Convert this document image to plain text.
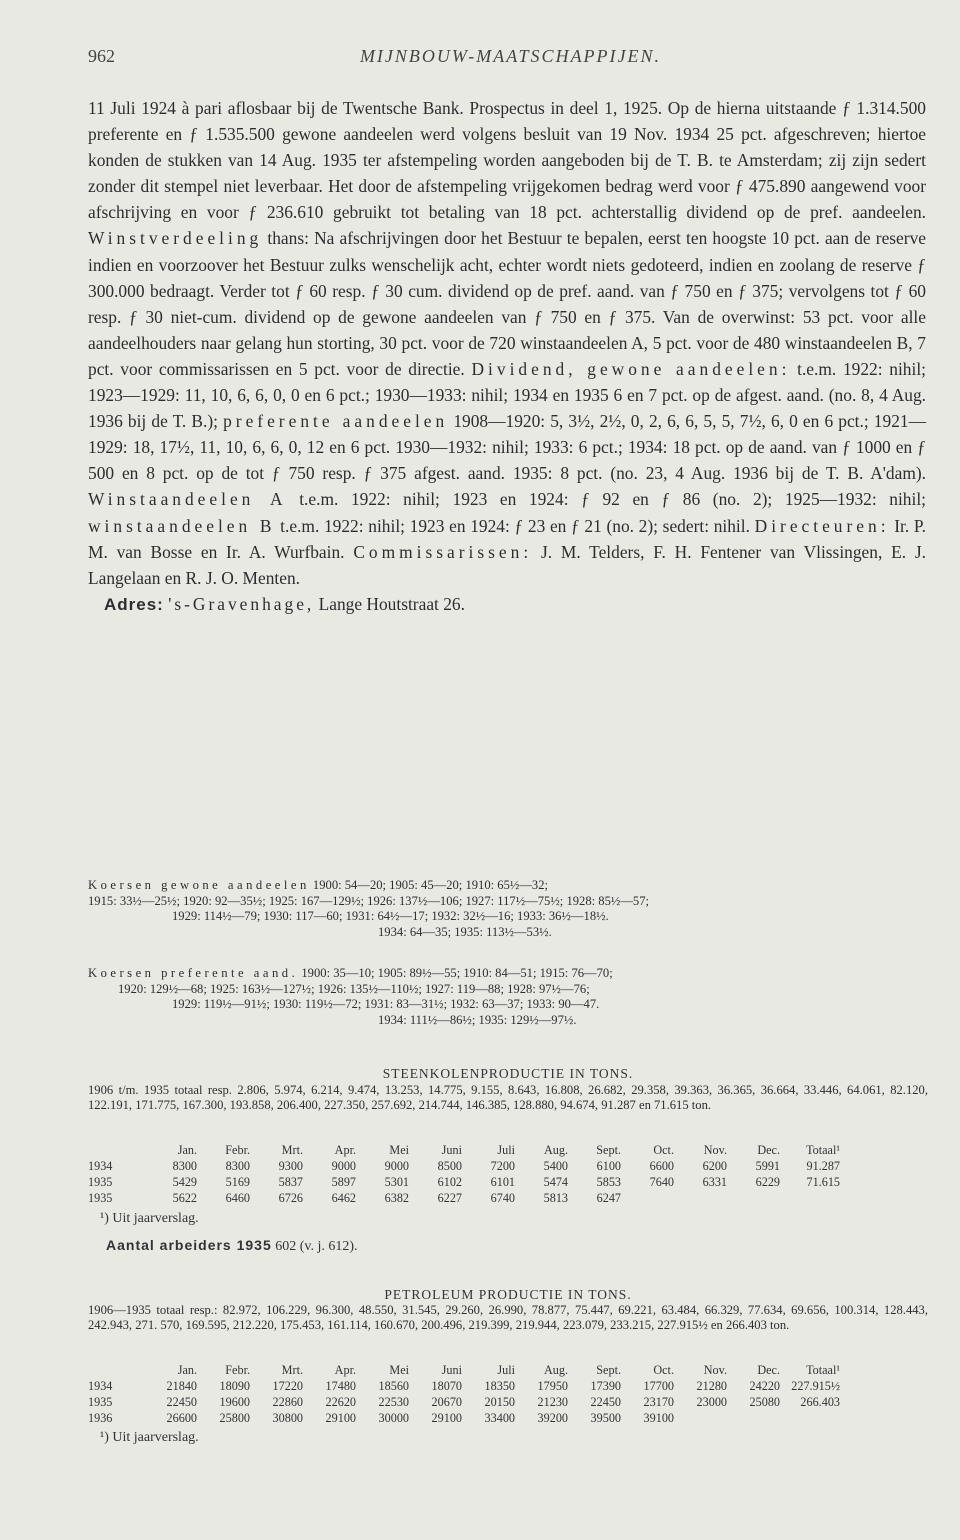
962	MIJNBOUW-MAATSCHAPPIJEN.

11 Juli 1924 à pari aflosbaar bij de Twentsche Bank. Prospectus in deel 1, 1925. Op de hierna uitstaande ƒ 1.314.500 preferente en ƒ 1.535.500 gewone aandeelen werd volgens besluit van 19 Nov. 1934 25 pct. afgeschreven; hiertoe konden de stukken van 14 Aug. 1935 ter afstempeling worden aangeboden bij de T. B. te Amsterdam; zij zijn sedert zonder dit stempel niet leverbaar. Het door de afstempeling vrijgekomen bedrag werd voor ƒ 475.890 aangewend voor afschrijving en voor ƒ 236.610 gebruikt tot betaling van 18 pct. achterstallig dividend op de pref. aandeelen. Winstverdeeling thans: Na afschrijvingen door het Bestuur te bepalen, eerst ten hoogste 10 pct. aan de reserve indien en voorzoover het Bestuur zulks wenschelijk acht, echter wordt niets gedoteerd, indien en zoolang de reserve ƒ 300.000 bedraagt. Verder tot ƒ 60 resp. ƒ 30 cum. dividend op de pref. aand. van ƒ 750 en ƒ 375; vervolgens tot ƒ 60 resp. ƒ 30 niet-cum. dividend op de gewone aandeelen van ƒ 750 en ƒ 375. Van de overwinst: 53 pct. voor alle aandeelhouders naar gelang hun storting, 30 pct. voor de 720 winstaandeelen A, 5 pct. voor de 480 winstaandeelen B, 7 pct. voor commissarissen en 5 pct. voor de directie. Dividend, gewone aandeelen: t.e.m. 1922: nihil; 1923—1929: 11, 10, 6, 6, 0, 0 en 6 pct.; 1930—1933: nihil; 1934 en 1935 6 en 7 pct. op de afgest. aand. (no. 8, 4 Aug. 1936 bij de T. B.); preferente aandeelen 1908—1920: 5, 3½, 2½, 0, 2, 6, 6, 5, 5, 7½, 6, 0 en 6 pct.; 1921—1929: 18, 17½, 11, 10, 6, 6, 0, 12 en 6 pct. 1930—1932: nihil; 1933: 6 pct.; 1934: 18 pct. op de aand. van ƒ 1000 en ƒ 500 en 8 pct. op de tot ƒ 750 resp. ƒ 375 afgest. aand. 1935: 8 pct. (no. 23, 4 Aug. 1936 bij de T. B. A'dam). Winstaandeelen A t.e.m. 1922: nihil; 1923 en 1924: ƒ 92 en ƒ 86 (no. 2); 1925—1932: nihil; winstaandeelen B t.e.m. 1922: nihil; 1923 en 1924: ƒ 23 en ƒ 21 (no. 2); sedert: nihil. Directeuren: Ir. P. M. van Bosse en Ir. A. Wurfbain. Commissarissen: J. M. Telders, F. H. Fentener van Vlissingen, E. J. Langelaan en R. J. O. Menten.

Adres: 's-Gravenhage, Lange Houtstraat 26.

Koersen gewone aandeelen 1900: 54—20; 1905: 45—20; 1910: 65½—32;

1915: 33½—25½; 1920: 92—35½; 1925: 167—129½; 1926: 137½—106; 1927: 117½—75½; 1928: 85½—57;

1929: 114½—79; 1930: 117—60; 1931: 64½—17; 1932: 32½—16; 1933: 36½—18½.

1934: 64—35; 1935: 113½—53½.

Koersen preferente aand. 1900: 35—10; 1905: 89½—55; 1910: 84—51; 1915: 76—70;

1920: 129½—68; 1925: 163½—127½; 1926: 135½—110½; 1927: 119—88; 1928: 97½—76;

1929: 119½—91½; 1930: 119½—72; 1931: 83—31½; 1932: 63—37; 1933: 90—47.

1934: 111½—86½; 1935: 129½—97½.

STEENKOLENPRODUCTIE IN TONS.

1906 t/m. 1935 totaal resp. 2.806, 5.974, 6.214, 9.474, 13.253, 14.775, 9.155, 8.643, 16.808, 26.682, 29.358, 39.363, 36.365, 36.664, 33.446, 64.061, 82.120, 122.191, 171.775, 167.300, 193.858, 206.400, 227.350, 257.692, 214.744, 146.385, 128.880, 94.674, 91.287 en 71.615 ton.

	Jan.	Febr.	Mrt.	Apr.	Mei	Juni	Juli	Aug.	Sept.	Oct.	Nov.	Dec.	Totaal¹
1934	8300	8300	9300	9000	9000	8500	7200	5400	6100	6600	6200	5991	91.287
1935	5429	5169	5837	5897	5301	6102	6101	5474	5853	7640	6331	6229	71.615
1935	5622	6460	6726	6462	6382	6227	6740	5813	6247				
¹) Uit jaarverslag.
Aantal arbeiders 1935 602 (v. j. 612).
PETROLEUM PRODUCTIE IN TONS.

1906—1935 totaal resp.: 82.972, 106.229, 96.300, 48.550, 31.545, 29.260, 26.990, 78.877, 75.447, 69.221, 63.484, 66.329, 77.634, 69.656, 100.314, 128.443, 242.943, 271. 570, 169.595, 212.220, 175.453, 161.114, 160.670, 200.496, 219.399, 219.944, 223.079, 233.215, 227.915½ en 266.403 ton.

	Jan.	Febr.	Mrt.	Apr.	Mei	Juni	Juli	Aug.	Sept.	Oct.	Nov.	Dec.	Totaal¹
1934	21840	18090	17220	17480	18560	18070	18350	17950	17390	17700	21280	24220	227.915½
1935	22450	19600	22860	22620	22530	20670	20150	21230	22450	23170	23000	25080	266.403
1936	26600	25800	30800	29100	30000	29100	33400	39200	39500	39100			
¹) Uit jaarverslag.
